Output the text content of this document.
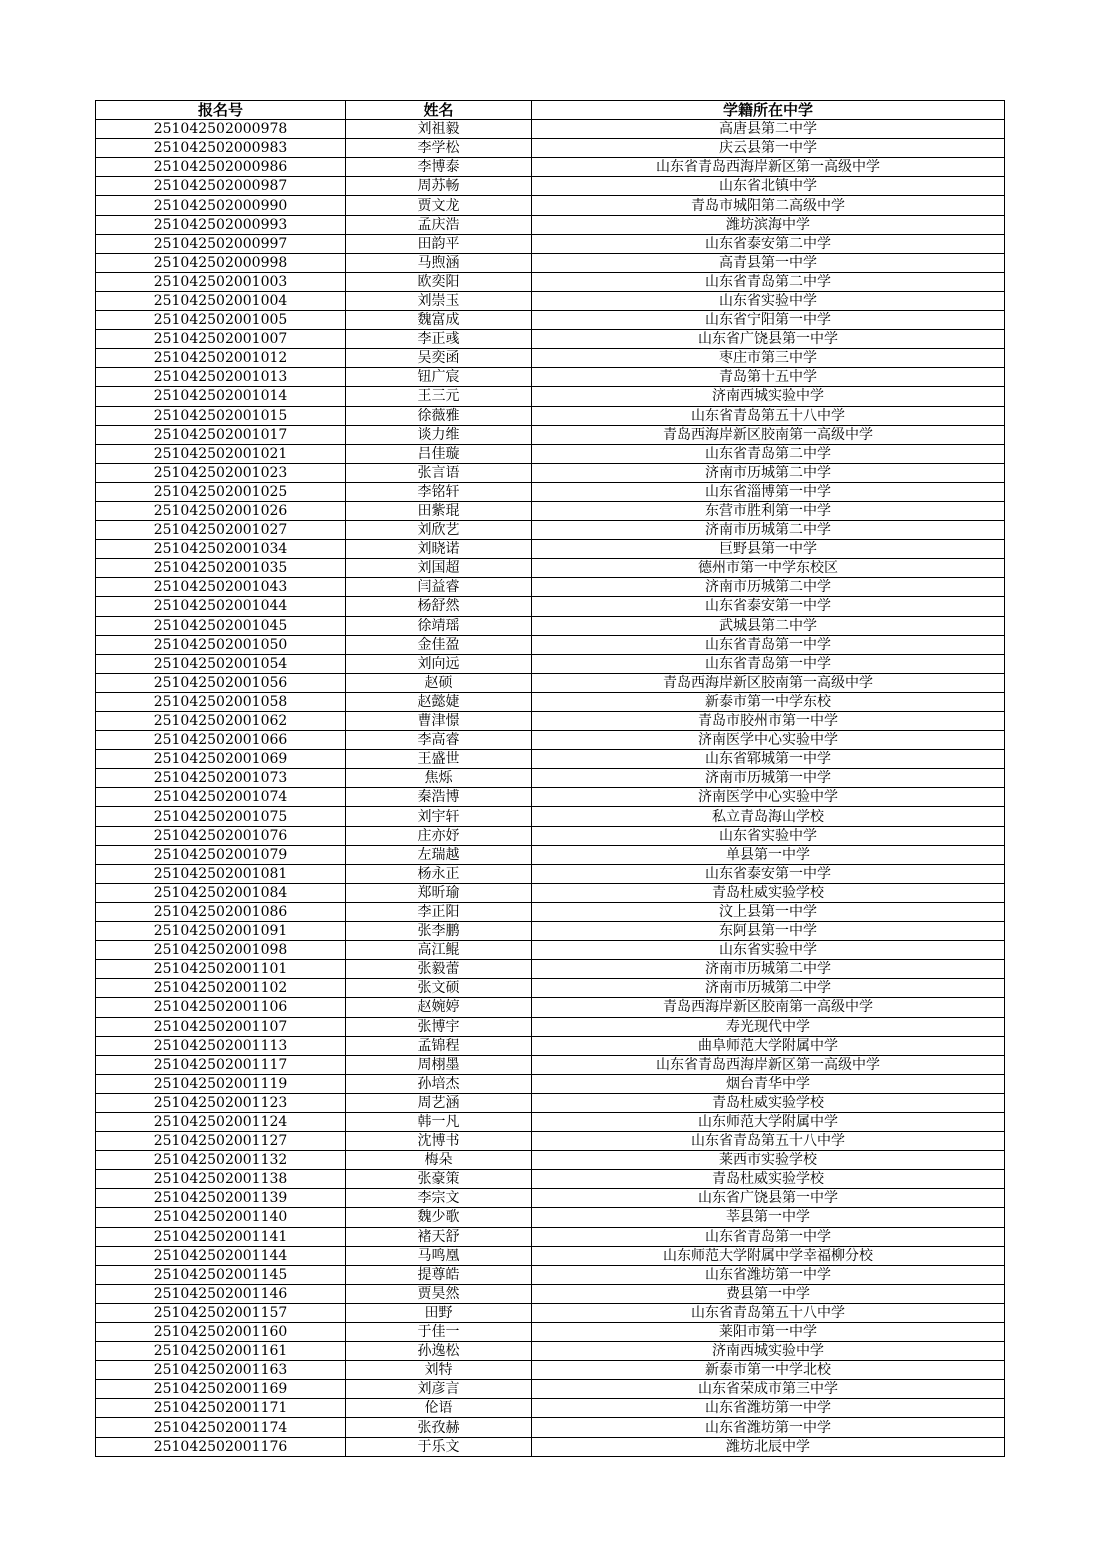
报名号	姓名	学籍所在中学
251042502000978	刘祖毅	高唐县第二中学
251042502000983	李学松	庆云县第一中学
251042502000986	李博泰	山东省青岛西海岸新区第一高级中学
251042502000987	周苏畅	山东省北镇中学
251042502000990	贾文龙	青岛市城阳第二高级中学
251042502000993	孟庆浩	潍坊滨海中学
251042502000997	田韵平	山东省泰安第二中学
251042502000998	马煦涵	高青县第一中学
251042502001003	欧奕阳	山东省青岛第二中学
251042502001004	刘崇玉	山东省实验中学
251042502001005	魏富成	山东省宁阳第一中学
251042502001007	李正彧	山东省广饶县第一中学
251042502001012	吴奕函	枣庄市第三中学
251042502001013	钮广宸	青岛第十五中学
251042502001014	王三元	济南西城实验中学
251042502001015	徐薇雅	山东省青岛第五十八中学
251042502001017	谈力维	青岛西海岸新区胶南第一高级中学
251042502001021	吕佳璇	山东省青岛第二中学
251042502001023	张言语	济南市历城第二中学
251042502001025	李铭轩	山东省淄博第一中学
251042502001026	田紫琨	东营市胜利第一中学
251042502001027	刘欣艺	济南市历城第二中学
251042502001034	刘晓诺	巨野县第一中学
251042502001035	刘国超	德州市第一中学东校区
251042502001043	闫益睿	济南市历城第二中学
251042502001044	杨舒然	山东省泰安第一中学
251042502001045	徐靖瑶	武城县第二中学
251042502001050	金佳盈	山东省青岛第一中学
251042502001054	刘向远	山东省青岛第一中学
251042502001056	赵硕	青岛西海岸新区胶南第一高级中学
251042502001058	赵懿婕	新泰市第一中学东校
251042502001062	曹津憬	青岛市胶州市第一中学
251042502001066	李高睿	济南医学中心实验中学
251042502001069	王盛世	山东省郓城第一中学
251042502001073	焦烁	济南市历城第一中学
251042502001074	秦浩博	济南医学中心实验中学
251042502001075	刘宇轩	私立青岛海山学校
251042502001076	庄亦妤	山东省实验中学
251042502001079	左瑞越	单县第一中学
251042502001081	杨永正	山东省泰安第一中学
251042502001084	郑昕瑜	青岛杜威实验学校
251042502001086	李正阳	汶上县第一中学
251042502001091	张李鹏	东阿县第一中学
251042502001098	高江鲲	山东省实验中学
251042502001101	张毅蕾	济南市历城第二中学
251042502001102	张文硕	济南市历城第二中学
251042502001106	赵婉婷	青岛西海岸新区胶南第一高级中学
251042502001107	张博宇	寿光现代中学
251042502001113	孟锦程	曲阜师范大学附属中学
251042502001117	周栩墨	山东省青岛西海岸新区第一高级中学
251042502001119	孙培杰	烟台青华中学
251042502001123	周艺涵	青岛杜威实验学校
251042502001124	韩一凡	山东师范大学附属中学
251042502001127	沈博书	山东省青岛第五十八中学
251042502001132	梅朵	莱西市实验学校
251042502001138	张豪策	青岛杜威实验学校
251042502001139	李宗文	山东省广饶县第一中学
251042502001140	魏少歌	莘县第一中学
251042502001141	褚天舒	山东省青岛第一中学
251042502001144	马鸣凰	山东师范大学附属中学幸福柳分校
251042502001145	提尊皓	山东省潍坊第一中学
251042502001146	贾昊然	费县第一中学
251042502001157	田野	山东省青岛第五十八中学
251042502001160	于佳一	莱阳市第一中学
251042502001161	孙逸松	济南西城实验中学
251042502001163	刘特	新泰市第一中学北校
251042502001169	刘彦言	山东省荣成市第三中学
251042502001171	伦语	山东省潍坊第一中学
251042502001174	张孜赫	山东省潍坊第一中学
251042502001176	于乐文	潍坊北辰中学
